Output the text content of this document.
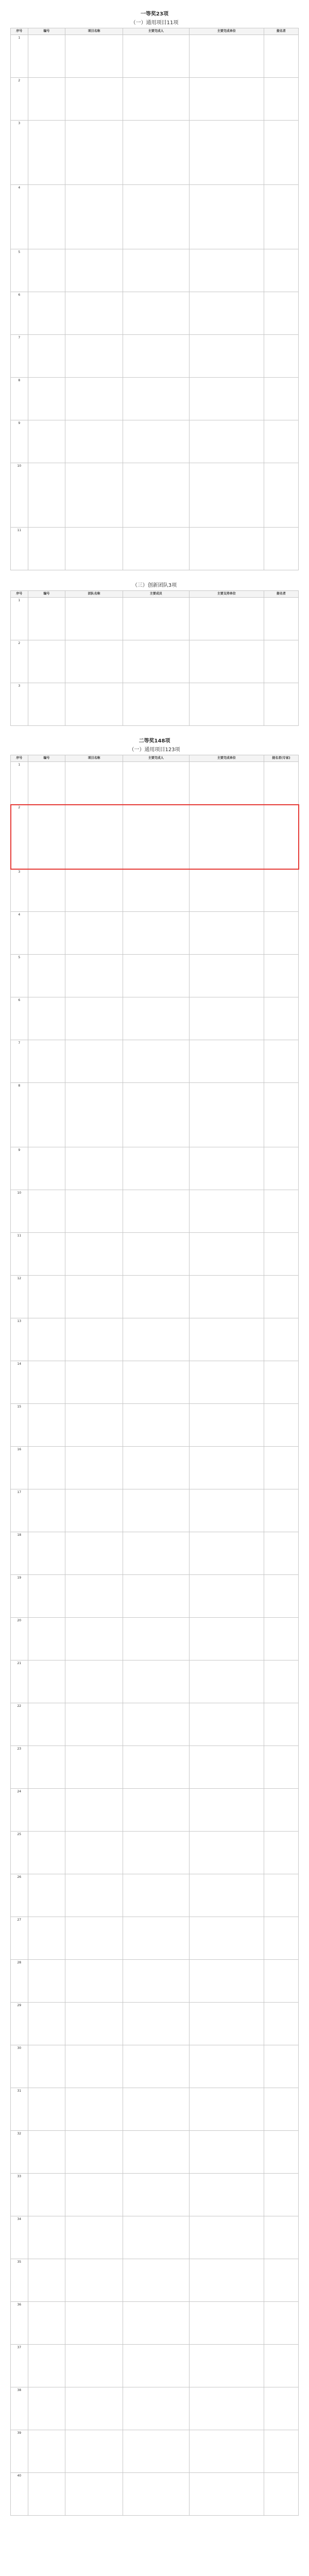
一等奖23项
（一）通用项目11项
序号	编号	项目名称	主要完成人	主要完成单位	提名者
1					
2					
3					
4					
5					
6					
7					
8					
9					
10					
11					
（三）创新团队3项
序号	编号	团队名称	主要成员	主要支持单位	提名者
1					
2					
3					
二等奖148项
（一）通用项目123项
序号	编号	项目名称	主要完成人	主要完成单位	提名者(专家)
1					
2					
3					
4					
5					
6					
7					
8					
9					
10					
11					
12					
13					
14					
15					
16					
17					
18					
19					
20					
21					
22					
23					
24					
25					
26					
27					
28					
29					
30					
31					
32					
33					
34					
35					
36					
37					
38					
39					
40					
